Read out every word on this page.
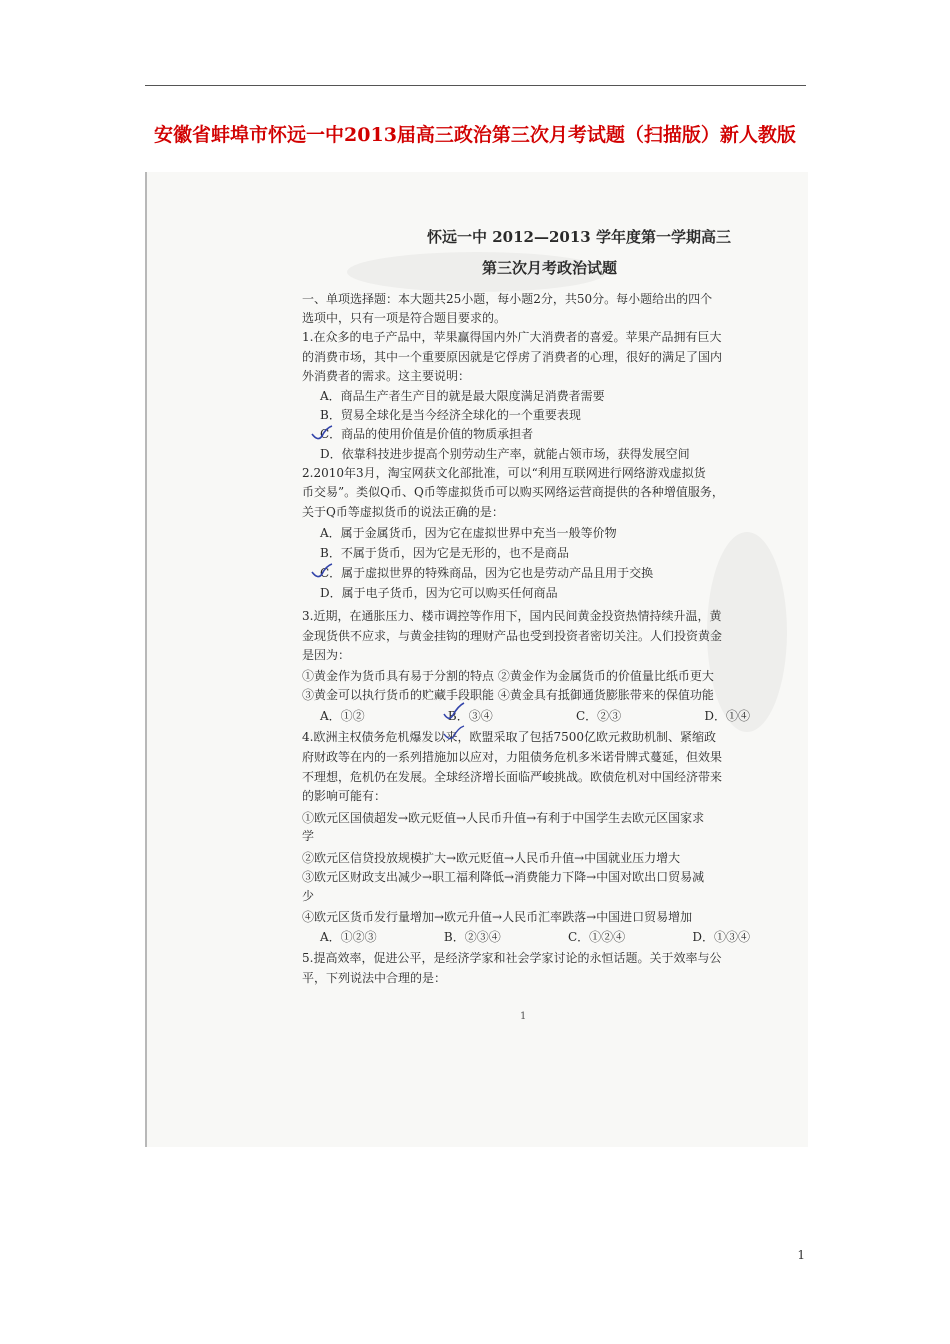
安徽省蚌埠市怀远一中2013届高三政治第三次月考试题（扫描版）新人教版
怀远一中 2012—2013 学年度第一学期高三
第三次月考政治试题
一、单项选择题：本大题共25小题，每小题2分，共50分。每小题给出的四个
选项中，只有一项是符合题目要求的。
1.在众多的电子产品中，苹果赢得国内外广大消费者的喜爱。苹果产品拥有巨大
的消费市场，其中一个重要原因就是它俘虏了消费者的心理，很好的满足了国内
外消费者的需求。这主要说明：
A．商品生产者生产目的就是最大限度满足消费者需要
B．贸易全球化是当今经济全球化的一个重要表现
C．商品的使用价值是价值的物质承担者
D．依靠科技进步提高个别劳动生产率，就能占领市场，获得发展空间
2.2010年3月，淘宝网获文化部批准，可以“利用互联网进行网络游戏虚拟货
币交易”。类似Q币、Q币等虚拟货币可以购买网络运营商提供的各种增值服务，
关于Q币等虚拟货币的说法正确的是：
A．属于金属货币，因为它在虚拟世界中充当一般等价物
B．不属于货币，因为它是无形的，也不是商品
C．属于虚拟世界的特殊商品，因为它也是劳动产品且用于交换
D．属于电子货币，因为它可以购买任何商品
3.近期，在通胀压力、楼市调控等作用下，国内民间黄金投资热情持续升温，黄
金现货供不应求，与黄金挂钩的理财产品也受到投资者密切关注。人们投资黄金
是因为：
①黄金作为货币具有易于分割的特点 ②黄金作为金属货币的价值量比纸币更大
③黄金可以执行货币的贮藏手段职能 ④黄金具有抵御通货膨胀带来的保值功能
A．①②	B．③④	C．②③	D．①④
4.欧洲主权债务危机爆发以来，欧盟采取了包括7500亿欧元救助机制、紧缩政
府财政等在内的一系列措施加以应对，力阻债务危机多米诺骨牌式蔓延，但效果
不理想，危机仍在发展。全球经济增长面临严峻挑战。欧债危机对中国经济带来
的影响可能有：
①欧元区国债超发→欧元贬值→人民币升值→有利于中国学生去欧元区国家求
学
②欧元区信贷投放规模扩大→欧元贬值→人民币升值→中国就业压力增大
③欧元区财政支出减少→职工福利降低→消费能力下降→中国对欧出口贸易减
少
④欧元区货币发行量增加→欧元升值→人民币汇率跌落→中国进口贸易增加
A．①②③	B．②③④	C．①②④	D．①③④
5.提高效率，促进公平，是经济学家和社会学家讨论的永恒话题。关于效率与公
平，下列说法中合理的是：
1
1
